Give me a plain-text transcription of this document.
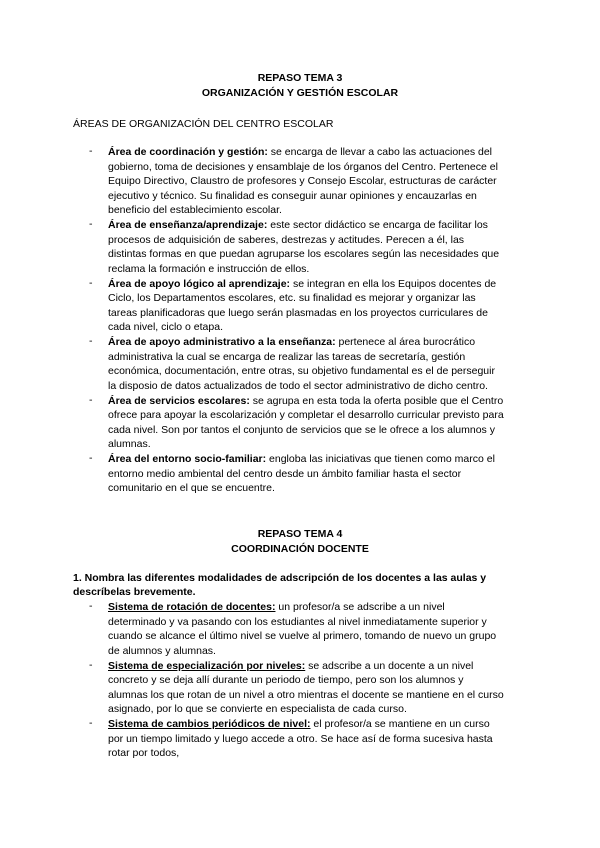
REPASO TEMA 3
ORGANIZACIÓN Y GESTIÓN ESCOLAR
ÁREAS DE ORGANIZACIÓN DEL CENTRO ESCOLAR
- Área de coordinación y gestión: se encarga de llevar a cabo las actuaciones del
gobierno, toma de decisiones y ensamblaje de los órganos del Centro. Pertenece el
Equipo Directivo, Claustro de profesores y Consejo Escolar, estructuras de carácter
ejecutivo y técnico. Su finalidad es conseguir aunar opiniones y encauzarlas en
beneficio del establecimiento escolar.
- Área de enseñanza/aprendizaje: este sector didáctico se encarga de facilitar los
procesos de adquisición de saberes, destrezas y actitudes. Perecen a él, las
distintas formas en que puedan agruparse los escolares según las necesidades que
reclama la formación e instrucción de ellos.
- Área de apoyo lógico al aprendizaje: se integran en ella los Equipos docentes de
Ciclo, los Departamentos escolares, etc. su finalidad es mejorar y organizar las
tareas planificadoras que luego serán plasmadas en los proyectos curriculares de
cada nivel, ciclo o etapa.
- Área de apoyo administrativo a la enseñanza: pertenece al área burocrático
administrativa la cual se encarga de realizar las tareas de secretaría, gestión
económica, documentación, entre otras, su objetivo fundamental es el de perseguir
la disposio de datos actualizados de todo el sector administrativo de dicho centro.
- Área de servicios escolares: se agrupa en esta toda la oferta posible que el Centro
ofrece para apoyar la escolarización y completar el desarrollo curricular previsto para
cada nivel. Son por tantos el conjunto de servicios que se le ofrece a los alumnos y
alumnas.
- Área del entorno socio-familiar: engloba las iniciativas que tienen como marco el
entorno medio ambiental del centro desde un ámbito familiar hasta el sector
comunitario en el que se encuentre.
REPASO TEMA 4
COORDINACIÓN DOCENTE
1. Nombra las diferentes modalidades de adscripción de los docentes a las aulas y
descríbelas brevemente.
- Sistema de rotación de docentes: un profesor/a se adscribe a un nivel
determinado y va pasando con los estudiantes al nivel inmediatamente superior y
cuando se alcance el último nivel se vuelve al primero, tomando de nuevo un grupo
de alumnos y alumnas.
- Sistema de especialización por niveles: se adscribe a un docente a un nivel
concreto y se deja allí durante un periodo de tiempo, pero son los alumnos y
alumnas los que rotan de un nivel a otro mientras el docente se mantiene en el curso
asignado, por lo que se convierte en especialista de cada curso.
- Sistema de cambios periódicos de nivel: el profesor/a se mantiene en un curso
por un tiempo limitado y luego accede a otro. Se hace así de forma sucesiva hasta
rotar por todos,
